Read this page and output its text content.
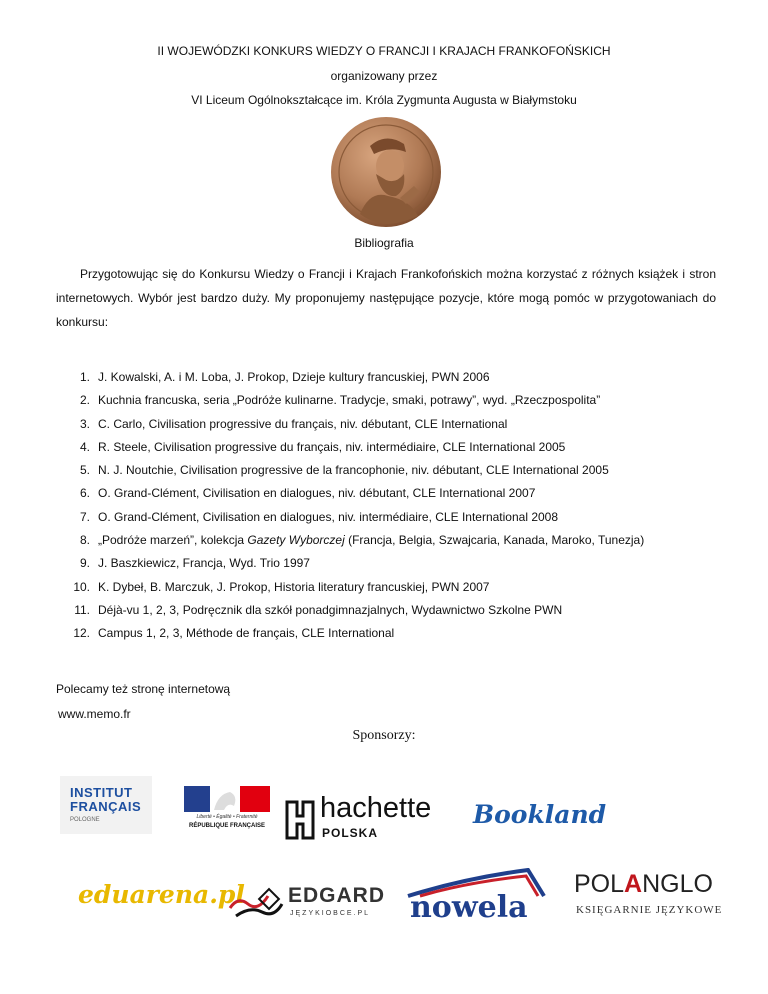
II WOJEWÓDZKI KONKURS WIEDZY O FRANCJI I KRAJACH FRANKOFOŃSKICH
organizowany przez
VI Liceum Ogólnokształcące im. Króla Zygmunta Augusta w Białymstoku
Bibliografia

Przygotowując się do Konkursu Wiedzy o Francji i Krajach Frankofońskich można korzystać z różnych książek i stron internetowych. Wybór jest bardzo duży. My proponujemy następujące pozycje, które mogą pomóc w przygotowaniach do konkursu:

1. J. Kowalski, A. i M. Loba, J. Prokop, Dzieje kultury francuskiej, PWN 2006
2. Kuchnia francuska, seria „Podróże kulinarne. Tradycje, smaki, potrawy”, wyd. „Rzeczpospolita”
3. C. Carlo, Civilisation progressive du français, niv. débutant, CLE International
4. R. Steele, Civilisation progressive du français, niv. intermédiaire, CLE International 2005
5. N. J. Noutchie, Civilisation progressive de la francophonie, niv. débutant, CLE International 2005
6. O. Grand-Clément, Civilisation en dialogues, niv. débutant, CLE International 2007
7. O. Grand-Clément, Civilisation en dialogues, niv. intermédiaire, CLE International 2008
8. „Podróże marzeń”, kolekcja Gazety Wyborczej (Francja, Belgia, Szwajcaria, Kanada, Maroko, Tunezja)
9. J. Baszkiewicz, Francja, Wyd. Trio 1997
10. K. Dybeł, B. Marczuk, J. Prokop, Historia literatury francuskiej, PWN 2007
11. Déjà-vu 1, 2, 3, Podręcznik dla szkół ponadgimnazjalnych, Wydawnictwo Szkolne PWN
12. Campus 1, 2, 3, Méthode de français, CLE International
Polecamy też stronę internetową
www.memo.fr
Sponsorzy:
INSTITUT
FRANÇAIS
POLOGNE	Liberté • Égalité • Fraternité
RÉPUBLIQUE FRANÇAISE
hachette
POLSKA
Bookland
eduarena.pl EDGARD
JĘZYKIOBCE.PL nowela
POLANGLO
KSIĘGARNIE JĘZYKOWE
